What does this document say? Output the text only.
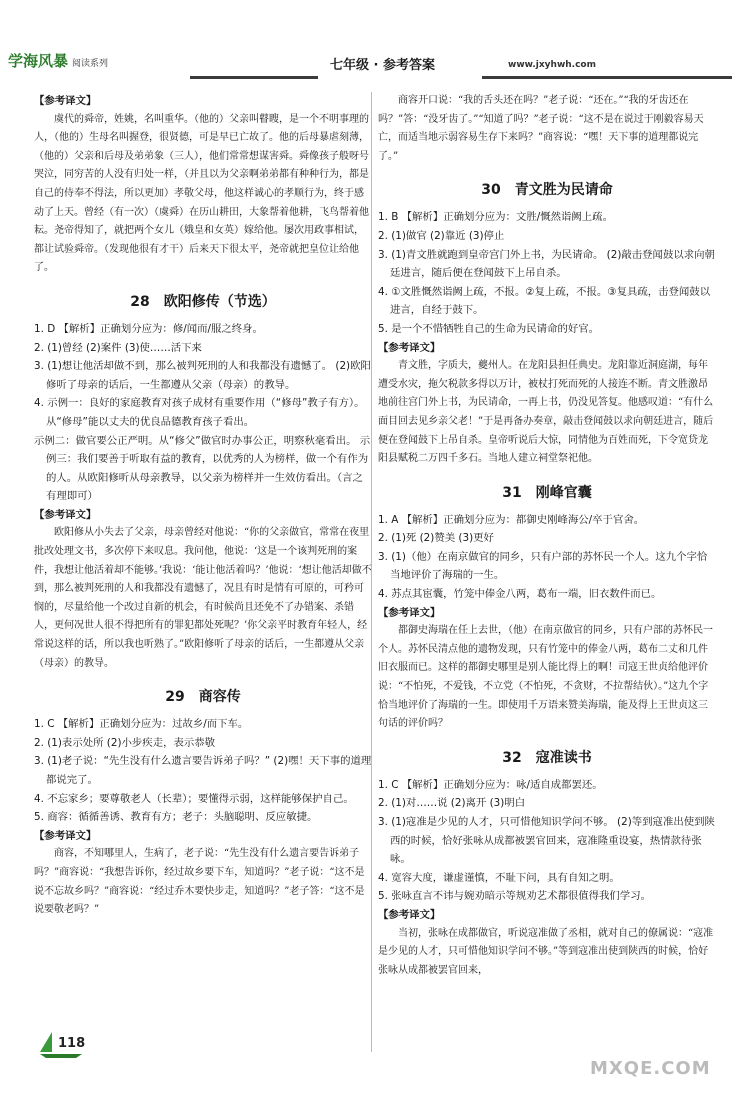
学海风暴 阅读系列	七年级 · 参考答案	www.jxyhwh.com

【参考译文】

虞代的舜帝，姓姚，名叫重华。（他的）父亲叫瞽瞍，是一个不明事理的人，（他的）生母名叫握登，很贤德，可是早已亡故了。他的后母暴虐刻薄，（他的）父亲和后母及弟弟象（三人），他们常常想谋害舜。舜像孩子般呀号哭泣，同穷苦的人没有归处一样，（并且以为父亲啊弟弟都有种种行为，都是自己的侍奉不得法，所以更加）孝敬父母，他这样诚心的孝顺行为，终于感动了上天。曾经（有一次）（虞舜）在历山耕田，大象帮着他耕，飞鸟帮着他耘。尧帝得知了，就把两个女儿（娥皇和女英）嫁给他。屡次用政事相试，都让试验舜帝。（发现他很有才干）后来天下很太平，尧帝就把皇位让给他了。

28 欧阳修传（节选）

1. D 【解析】正确划分应为：修/闻而/服之终身。

2. (1)曾经 (2)案件 (3)使……活下来

3. (1)想让他活却做不到，那么被判死刑的人和我都没有遗憾了。 (2)欧阳修听了母亲的话后，一生都遵从父亲（母亲）的教导。

4. 示例一：良好的家庭教育对孩子成材有重要作用（“修母”教子有方）。从“修母”能以丈夫的优良品德教育孩子看出。

示例二：做官要公正严明。从“修父”做官时办事公正，明察秋毫看出。 示例三：我们要善于听取有益的教育，以优秀的人为榜样，做一个有作为的人。从欧阳修听从母亲教导，以父亲为榜样并一生效仿看出。（言之有理即可）

【参考译文】

欧阳修从小失去了父亲，母亲曾经对他说：“你的父亲做官，常常在夜里批改处理文书，多次停下来叹息。我问他，他说：‘这是一个该判死刑的案件，我想让他活着却不能够。’我说：‘能让他活着吗？’他说：‘想让他活却做不到，那么被判死刑的人和我都没有遗憾了，况且有时是情有可原的，可矜可悯的，尽量给他一个改过自新的机会，有时候尚且还免不了办错案、杀错人，更何况世人很不得把所有的罪犯都处死呢？’你父亲平时教育年轻人，经常说这样的话，所以我也听熟了。”欧阳修听了母亲的话后，一生都遵从父亲（母亲）的教导。

29 商容传

1. C 【解析】正确划分应为：过故乡/而下车。

2. (1)表示处所 (2)小步疾走，表示恭敬

3. (1)老子说：“先生没有什么遗言要告诉弟子吗？” (2)嘿！天下事的道理都说完了。

4. 不忘家乡；要尊敬老人（长辈）；要懂得示弱，这样能够保护自己。

5. 商容：循循善诱、教育有方；老子：头脑聪明、反应敏捷。

【参考译文】

商容，不知哪里人，生病了，老子说：“先生没有什么遗言要告诉弟子吗？”商容说：“我想告诉你，经过故乡要下车，知道吗？”老子说：“这不是说不忘故乡吗？”商容说：“经过乔木要快步走，知道吗？”老子答：“这不是说要敬老吗？”

商容开口说：“我的舌头还在吗？”老子说：“还在。”“我的牙齿还在吗？”答：“没牙齿了。”“知道了吗？”老子说：“这不是在说过于刚毅容易天亡，而适当地示弱容易生存下来吗？”商容说：“嘿！天下事的道理都说完了。”

30 青文胜为民请命

1. B 【解析】正确划分应为：文胜/慨然诣阙上疏。

2. (1)做官 (2)靠近 (3)停止

3. (1)青文胜就跑到皇帝宫门外上书，为民请命。 (2)敲击登闻鼓以求向朝廷进言，随后便在登闻鼓下上吊自杀。

4. ①文胜慨然诣阙上疏，不报。②复上疏，不报。③复具疏，击登闻鼓以进言，自经于鼓下。

5. 是一个不惜牺牲自己的生命为民请命的好官。

【参考译文】

青文胜，字质夫，夔州人。在龙阳县担任典史。龙阳靠近洞庭湖，每年遭受水灾，拖欠税款多得以万计，被杖打死而死的人接连不断。青文胜激昂地前往宫门外上书，为民请命，一再上书，仍没见答复。他感叹道：“有什么面目回去见乡亲父老！”于是再备办奏章，敲击登闻鼓以求向朝廷进言，随后便在登闻鼓下上吊自杀。皇帝听说后大惊，同情他为百姓而死，下令宽贷龙阳县赋税二万四千多石。当地人建立祠堂祭祀他。

31 刚峰官囊

1. A 【解析】正确划分应为：都御史刚峰海公/卒于官舍。

2. (1)死 (2)赞美 (3)更好

3. (1)（他）在南京做官的同乡，只有户部的苏怀民一个人。这九个字恰当地评价了海瑞的一生。

4. 苏点其宦囊，竹笼中俸金八两，葛布一端，旧衣数件而已。

【参考译文】

都御史海瑞在任上去世，（他）在南京做官的同乡，只有户部的苏怀民一个人。苏怀民清点他的遗物发现，只有竹笼中的俸金八两，葛布二丈和几件旧衣服而已。这样的都御史哪里是别人能比得上的啊！司寇王世贞给他评价说：“不怕死，不爱钱，不立党（不怕死，不贪财，不拉帮结伙）。”这九个字恰当地评价了海瑞的一生。即使用千万语来赞美海瑞，能及得上王世贞这三句话的评价吗？

32 寇准读书

1. C 【解析】正确划分应为：咏/适自成都罢还。

2. (1)对……说 (2)离开 (3)明白

3. (1)寇准是少见的人才，只可惜他知识学问不够。 (2)等到寇准出使到陕西的时候，恰好张咏从成都被罢官回来，寇准隆重设宴，热情款待张咏。

4. 宽容大度，谦虚谨慎，不耻下问，具有自知之明。

5. 张咏直言不讳与婉劝暗示等规劝艺术都很值得我们学习。

【参考译文】

当初，张咏在成都做官，听说寇准做了丞相，就对自己的僚属说：“寇准是少见的人才，只可惜他知识学问不够。”等到寇准出使到陕西的时候，恰好张咏从成都被罢官回来，

118
MXQE.COM
